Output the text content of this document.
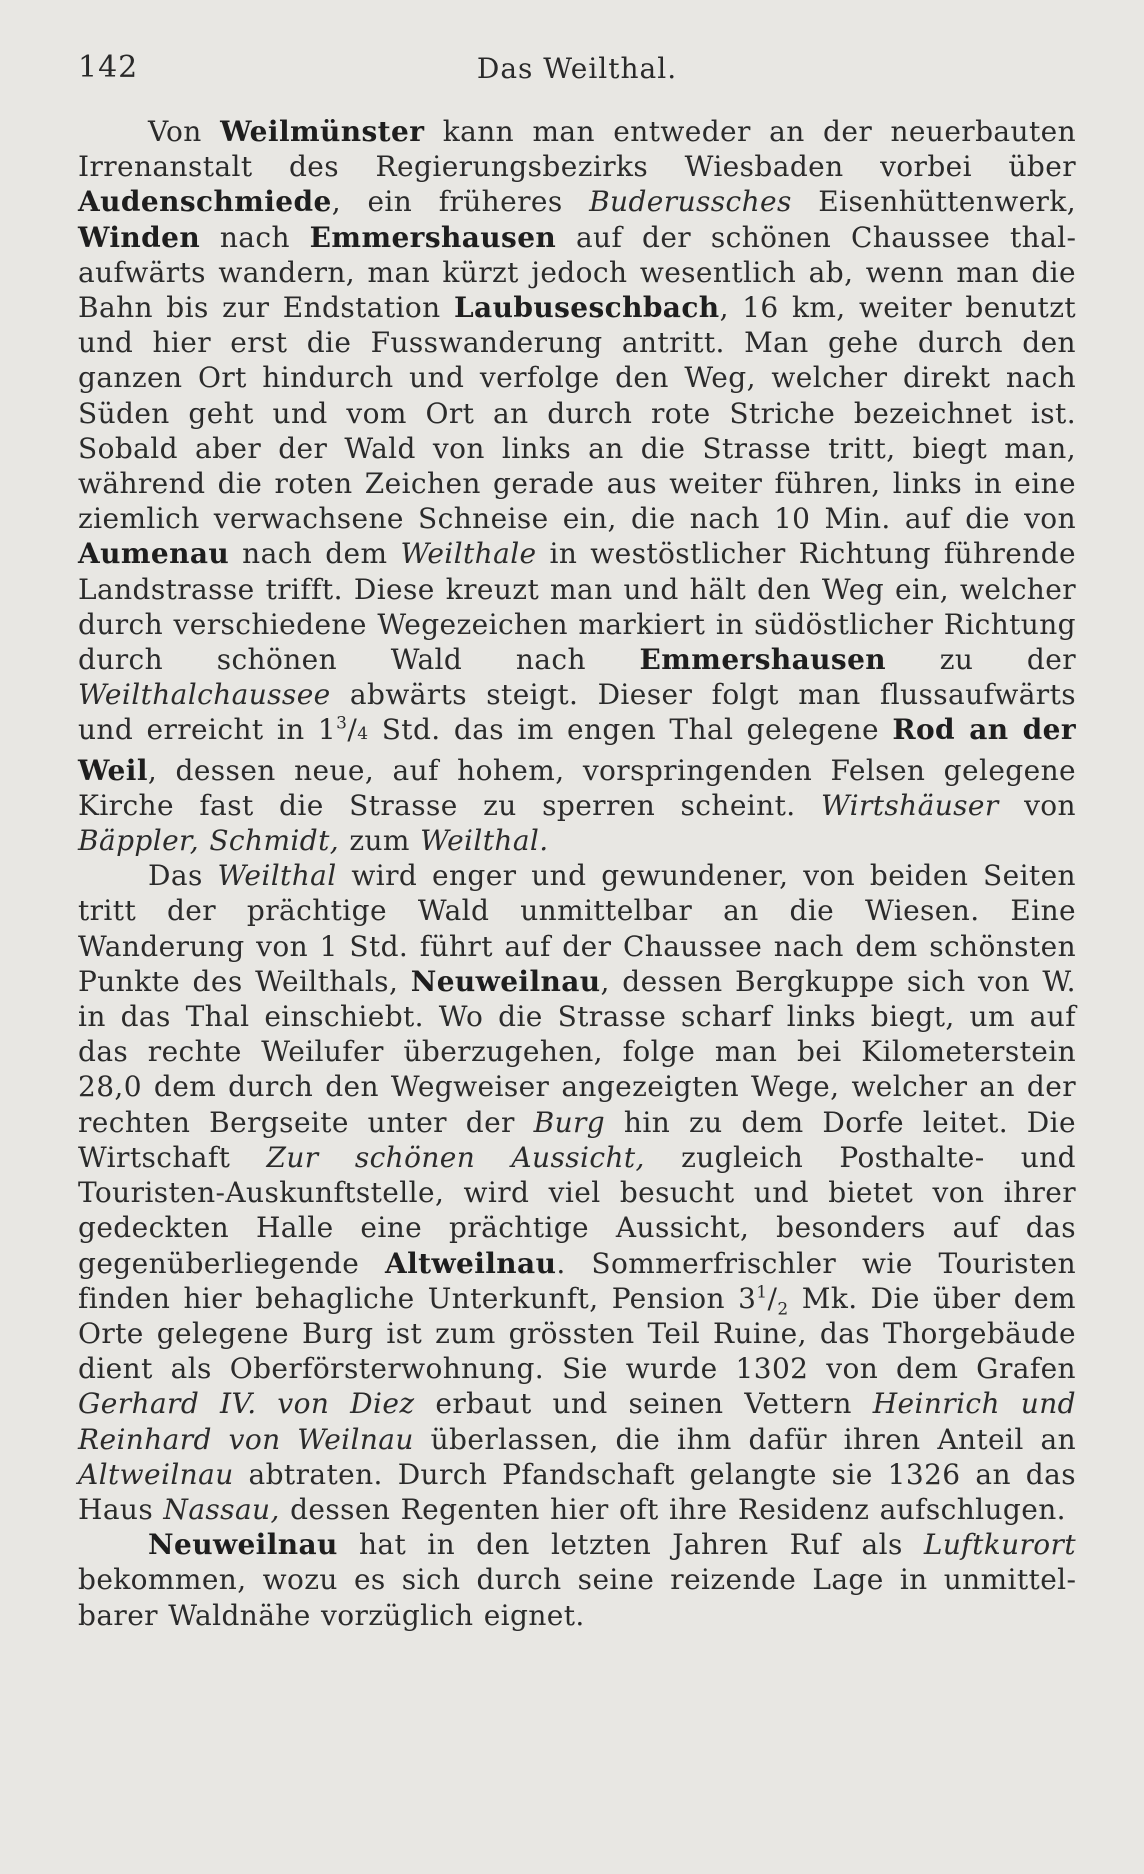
142	Das Weilthal.

Von Weilmünster kann man entweder an der neuerbauten Irrenanstalt des Regierungsbezirks Wiesbaden vorbei über Audenschmiede, ein früheres Buderussches Eisenhüttenwerk, Winden nach Emmershausen auf der schönen Chaussee thalaufwärts wandern, man kürzt jedoch wesentlich ab, wenn man die Bahn bis zur Endstation Laubuseschbach, 16 km, weiter benutzt und hier erst die Fusswanderung antritt. Man gehe durch den ganzen Ort hindurch und verfolge den Weg, welcher direkt nach Süden geht und vom Ort an durch rote Striche bezeichnet ist. Sobald aber der Wald von links an die Strasse tritt, biegt man, während die roten Zeichen gerade aus weiter führen, links in eine ziemlich verwachsene Schneise ein, die nach 10 Min. auf die von Aumenau nach dem Weilthale in westöstlicher Richtung führende Landstrasse trifft. Diese kreuzt man und hält den Weg ein, welcher durch verschiedene Wegezeichen markiert in südöstlicher Richtung durch schönen Wald nach Emmershausen zu der Weilthalchaussee abwärts steigt. Dieser folgt man flussaufwärts und erreicht in $1^3/4$ Std. das im engen Thal gelegene Rod an der Weil, dessen neue, auf hohem, vorspringenden Felsen gelegene Kirche fast die Strasse zu sperren scheint. Wirtshäuser von Bäppler, Schmidt, zum Weilthal.

Das Weilthal wird enger und gewundener, von beiden Seiten tritt der prächtige Wald unmittelbar an die Wiesen. Eine Wanderung von 1 Std. führt auf der Chaussee nach dem schönsten Punkte des Weilthals, Neuweilnau, dessen Bergkuppe sich von W. in das Thal einschiebt. Wo die Strasse scharf links biegt, um auf das rechte Weilufer überzugehen, folge man bei Kilometerstein 28,0 dem durch den Wegweiser angezeigten Wege, welcher an der rechten Bergseite unter der Burg hin zu dem Dorfe leitet. Die Wirtschaft Zur schönen Aussicht, zugleich Posthalte- und Touristen-Auskunftstelle, wird viel besucht und bietet von ihrer gedeckten Halle eine prächtige Aussicht, besonders auf das gegenüberliegende Altweilnau. Sommerfrischler wie Touristen finden hier behagliche Unterkunft, Pension $3^1/_2$ Mk. Die über dem Orte gelegene Burg ist zum grössten Teil Ruine, das Thorgebäude dient als Oberförsterwohnung. Sie wurde 1302 von dem Grafen Gerhard IV. von Diez erbaut und seinen Vettern Heinrich und Reinhard von Weilnau überlassen, die ihm dafür ihren Anteil an Altweilnau abtraten. Durch Pfandschaft gelangte sie 1326 an das Haus Nassau, dessen Regenten hier oft ihre Residenz aufschlugen.

Neuweilnau hat in den letzten Jahren Ruf als Luftkurort bekommen, wozu es sich durch seine reizende Lage in unmittelbarer Waldnähe vorzüglich eignet.
